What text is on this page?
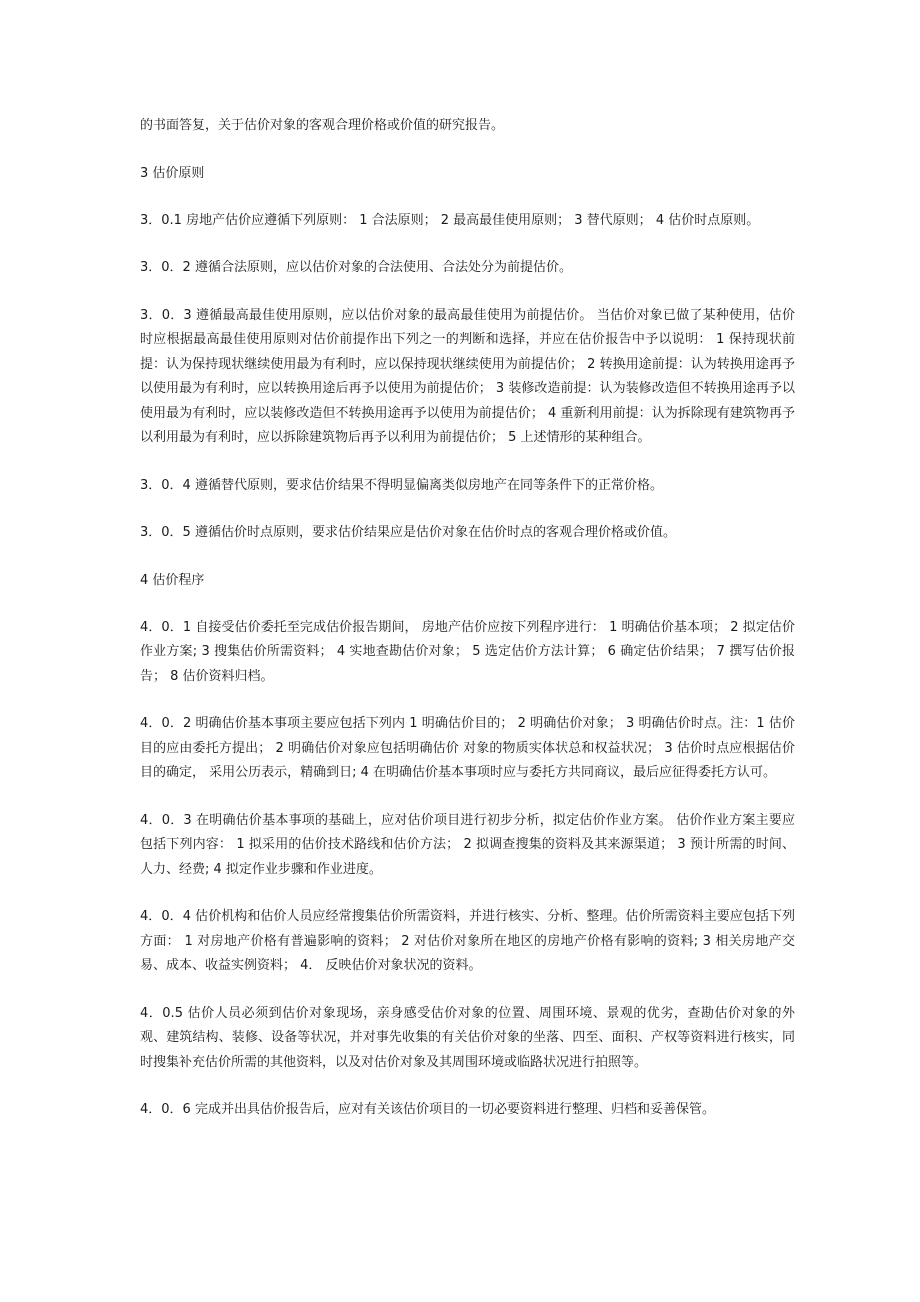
的书面答复，关于估价对象的客观合理价格或价值的研究报告。

3 估价原则

3．0.1 房地产估价应遵循下列原则： 1 合法原则； 2 最高最佳使用原则； 3 替代原则； 4 估价时点原则。

3．0．2 遵循合法原则，应以估价对象的合法使用、合法处分为前提估价。

3．0．3 遵循最高最佳使用原则，应以估价对象的最高最佳使用为前提估价。 当估价对象已做了某种使用，估价时应根据最高最佳使用原则对估价前提作出下列之一的判断和选择，并应在估价报告中予以说明： 1 保持现状前提：认为保持现状继续使用最为有利时，应以保持现状继续使用为前提估价； 2 转换用途前提：认为转换用途再予以使用最为有利时，应以转换用途后再予以使用为前提估价； 3 装修改造前提：认为装修改造但不转换用途再予以使用最为有利时，应以装修改造但不转换用途再予以使用为前提估价； 4 重新利用前提：认为拆除现有建筑物再予以利用最为有利时，应以拆除建筑物后再予以利用为前提估价； 5 上述情形的某种组合。

3．0．4 遵循替代原则，要求估价结果不得明显偏离类似房地产在同等条件下的正常价格。

3．0．5 遵循估价时点原则，要求估价结果应是估价对象在估价时点的客观合理价格或价值。

4 估价程序

4．0．1 自接受估价委托至完成估价报告期间， 房地产估价应按下列程序进行： 1 明确估价基本项； 2 拟定估价作业方案; 3 搜集估价所需资料； 4 实地查勘估价对象； 5 选定估价方法计算； 6 确定估价结果； 7 撰写估价报告； 8 估价资料归档。

4．0．2 明确估价基本事项主要应包括下列内 1 明确估价目的； 2 明确估价对象； 3 明确估价时点。注：1 估价目的应由委托方提出； 2 明确估价对象应包括明确估价 对象的物质实体状总和权益状况； 3 估价时点应根据估价目的确定， 采用公历表示，精确到日; 4 在明确估价基本事项时应与委托方共同商议，最后应征得委托方认可。

4．0．3 在明确估价基本事项的基础上，应对估价项目进行初步分析，拟定估价作业方案。 估价作业方案主要应包括下列内容： 1 拟采用的估价技术路线和估价方法； 2 拟调查搜集的资料及其来源渠道； 3 预计所需的时间、人力、经费; 4 拟定作业步骤和作业进度。

4．0．4 估价机构和估价人员应经常搜集估价所需资料，并进行核实、分析、整理。估价所需资料主要应包括下列方面： 1 对房地产价格有普遍影响的资料； 2 对估价对象所在地区的房地产价格有影响的资料; 3 相关房地产交易、成本、收益实例资料； 4． 反映估价对象状况的资料。

4．0.5 估价人员必须到估价对象现场，亲身感受估价对象的位置、周围环境、景观的优劣，查勘估价对象的外观、建筑结构、装修、设备等状况，并对事先收集的有关估价对象的坐落、四至、面积、产权等资料进行核实，同时搜集补充估价所需的其他资料，以及对估价对象及其周围环境或临路状况进行拍照等。

4．0．6 完成并出具估价报告后，应对有关该估价项目的一切必要资料进行整理、归档和妥善保管。
